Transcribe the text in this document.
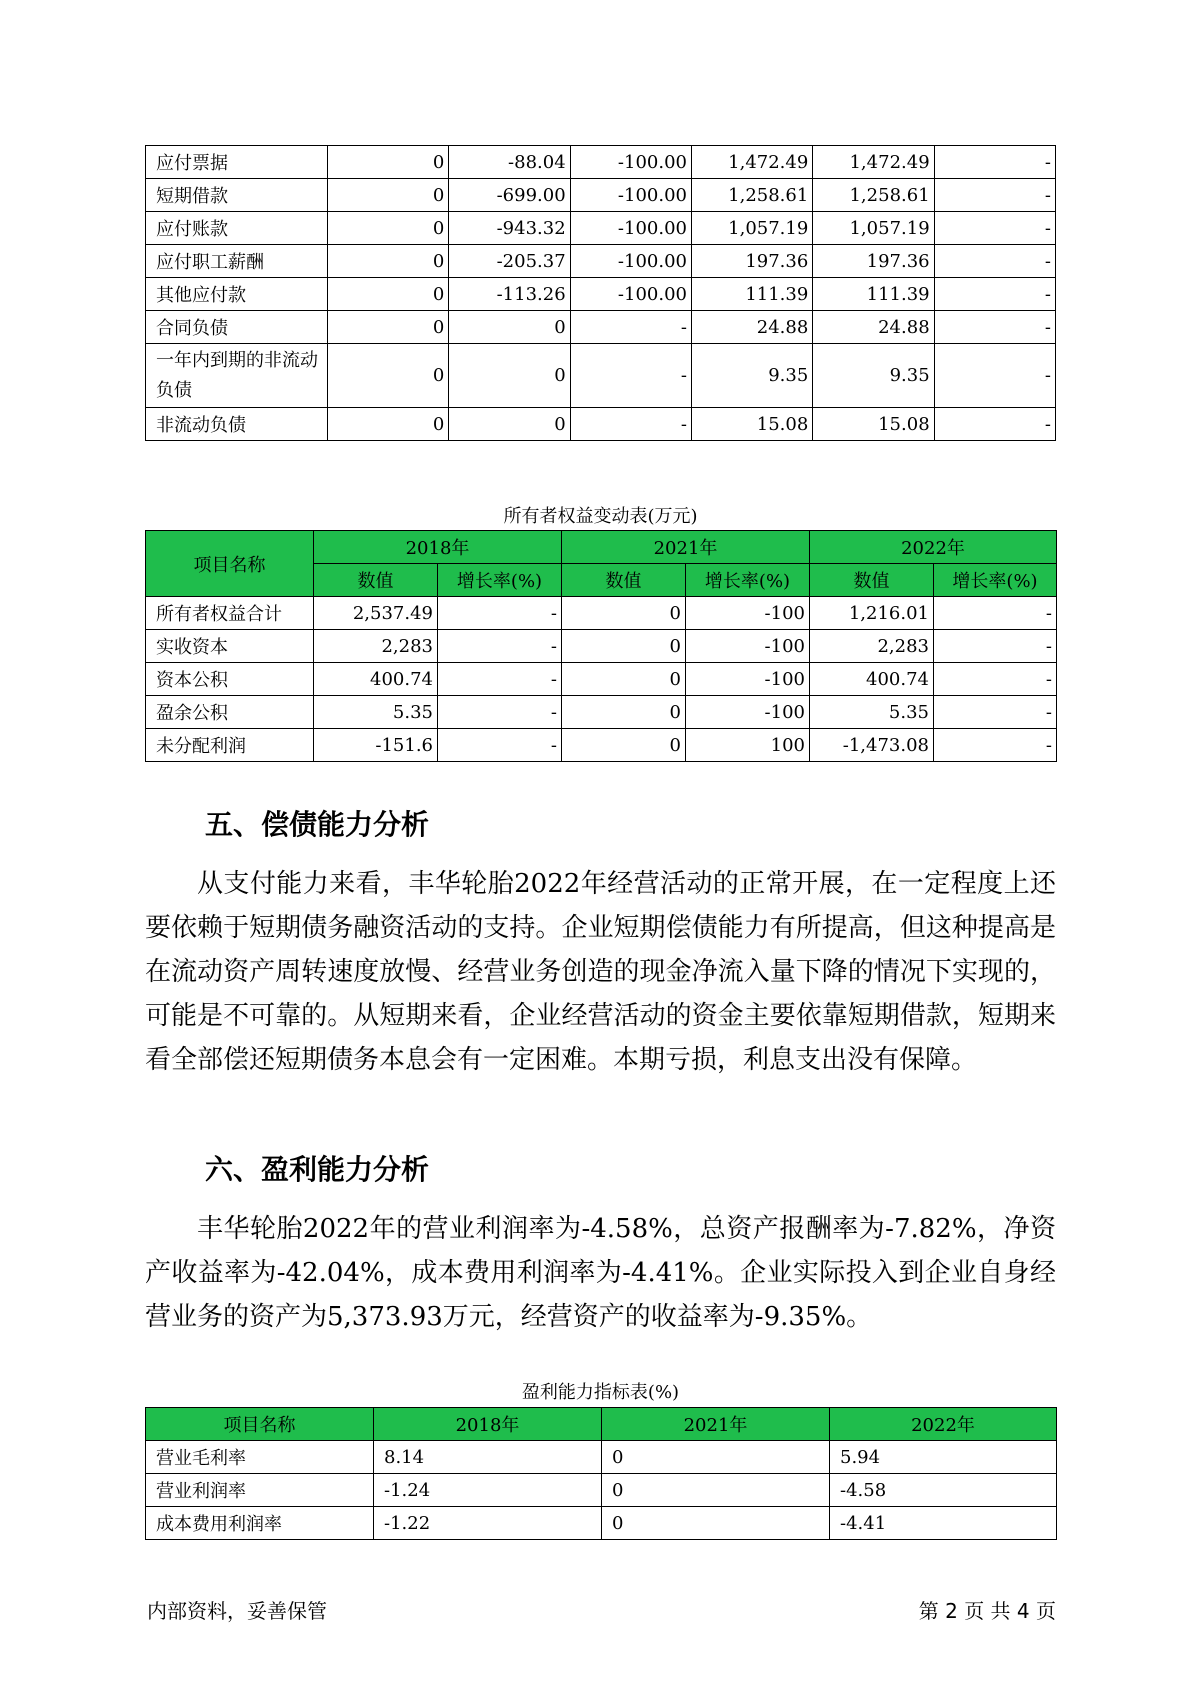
应付票据	0	-88.04	-100.00	1,472.49	1,472.49	-
短期借款	0	-699.00	-100.00	1,258.61	1,258.61	-
应付账款	0	-943.32	-100.00	1,057.19	1,057.19	-
应付职工薪酬	0	-205.37	-100.00	197.36	197.36	-
其他应付款	0	-113.26	-100.00	111.39	111.39	-
合同负债	0	0	-	24.88	24.88	-
一年内到期的非流动负债	0	0	-	9.35	9.35	-
非流动负债	0	0	-	15.08	15.08	-
所有者权益变动表(万元)
项目名称	2018年		2021年		2022年	
	数值	增长率(%)	数值	增长率(%)	数值	增长率(%)
所有者权益合计	2,537.49	-	0	-100	1,216.01	-
实收资本	2,283	-	0	-100	2,283	-
资本公积	400.74	-	0	-100	400.74	-
盈余公积	5.35	-	0	-100	5.35	-
未分配利润	-151.6	-	0	100	-1,473.08	-
五、偿债能力分析

从支付能力来看，丰华轮胎2022年经营活动的正常开展，在一定程度上还要依赖于短期债务融资活动的支持。企业短期偿债能力有所提高，但这种提高是在流动资产周转速度放慢、经营业务创造的现金净流入量下降的情况下实现的，可能是不可靠的。从短期来看，企业经营活动的资金主要依靠短期借款，短期来看全部偿还短期债务本息会有一定困难。本期亏损，利息支出没有保障。

六、盈利能力分析

丰华轮胎2022年的营业利润率为-4.58%，总资产报酬率为-7.82%，净资产收益率为-42.04%，成本费用利润率为-4.41%。企业实际投入到企业自身经营业务的资产为5,373.93万元，经营资产的收益率为-9.35%。

盈利能力指标表(%)
项目名称	2018年	2021年	2022年
营业毛利率	8.14	0	5.94
营业利润率	-1.24	0	-4.58
成本费用利润率	-1.22	0	-4.41
内部资料，妥善保管	第 2 页 共 4 页
